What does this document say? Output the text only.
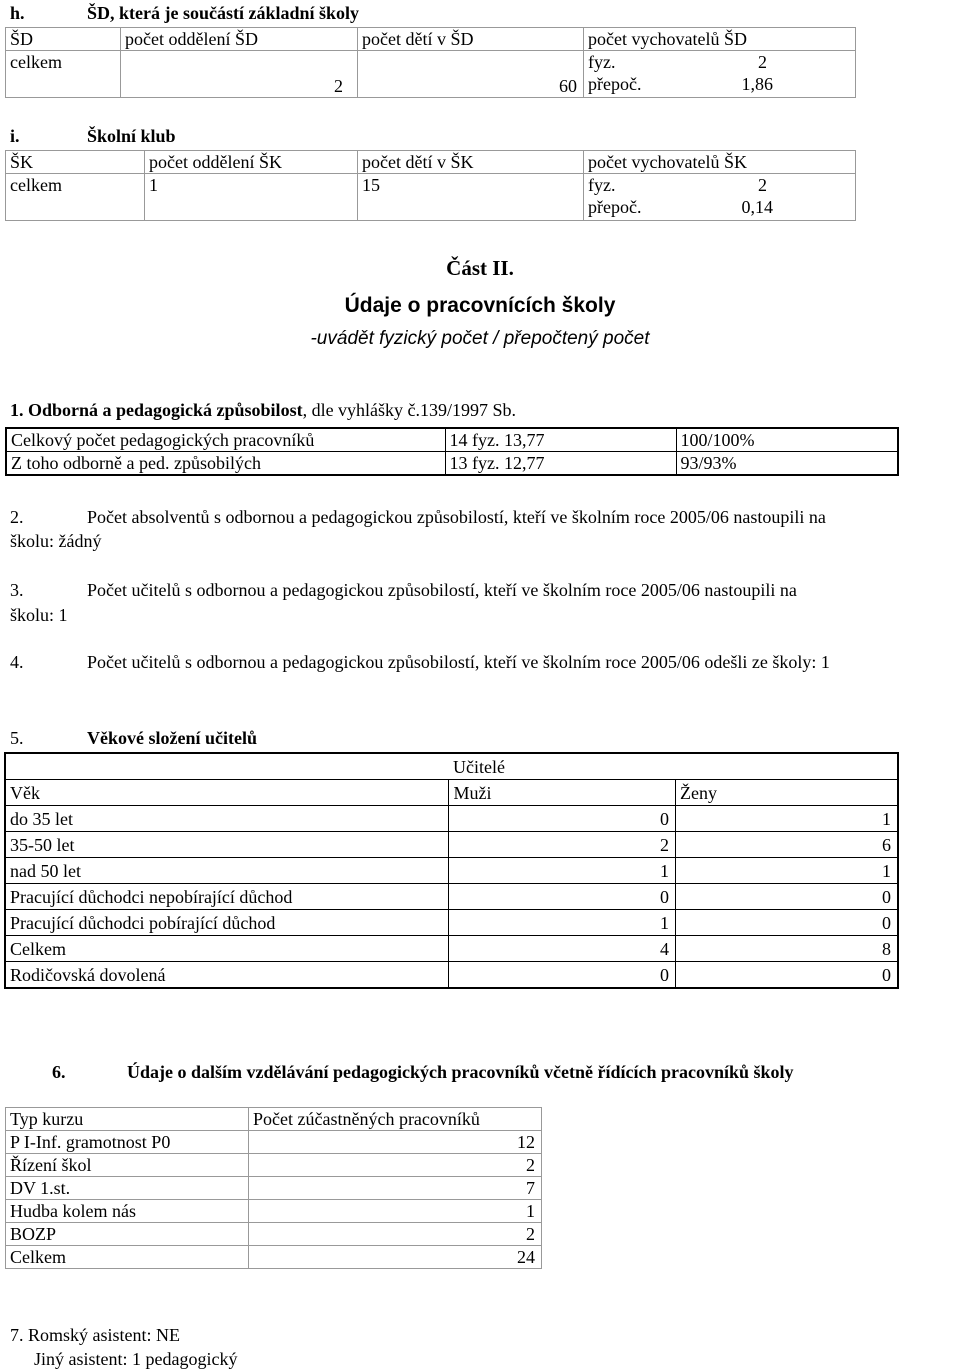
h.	ŠD, která je součástí základní školy
ŠD	počet oddělení ŠD	počet dětí v ŠD	počet vychovatelů ŠD
celkem	2	60	fyz. 2
přepoč. 1,86
i.	Školní klub
ŠK	počet oddělení ŠK	počet dětí v ŠK	počet vychovatelů ŠK
celkem	1	15	fyz. 2
přepoč. 0,14
Část II.
Údaje o pracovnících školy
-uvádět fyzický počet / přepočtený počet
1. Odborná a pedagogická způsobilost, dle vyhlášky č.139/1997 Sb.
Celkový počet pedagogických pracovníků	14 fyz. 13,77	100/100%
Z toho odborně a ped. způsobilých	13 fyz. 12,77	93/93%
2.	Počet absolventů s odbornou a pedagogickou způsobilostí, kteří ve školním roce 2005/06 nastoupili na
školu: žádný
3.	Počet učitelů s odbornou a pedagogickou způsobilostí, kteří ve školním roce 2005/06 nastoupili na
školu: 1
4.	Počet učitelů s odbornou a pedagogickou způsobilostí, kteří ve školním roce 2005/06 odešli ze školy: 1
5.	Věkové složení učitelů
	Učitelé	
Věk	Muži	Ženy
do 35 let	0	1
35-50 let	2	6
nad 50 let	1	1
Pracující důchodci nepobírající důchod	0	0
Pracující důchodci pobírající důchod	1	0
Celkem	4	8
Rodičovská dovolená	0	0
6.	Údaje o dalším vzdělávání pedagogických pracovníků včetně řídících pracovníků školy
Typ kurzu	Počet zúčastněných pracovníků
P I-Inf. gramotnost P0	12
Řízení škol	2
DV 1.st.	7
Hudba kolem nás	1
BOZP	2
Celkem	24
7. Romský asistent: NE
Jiný asistent: 1 pedagogický
